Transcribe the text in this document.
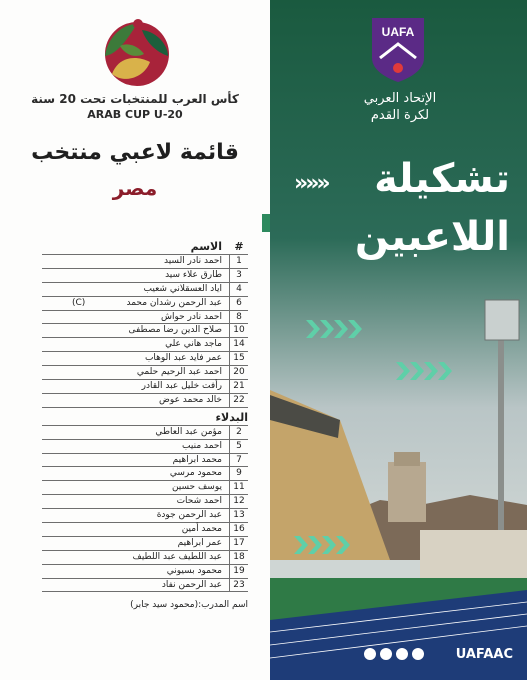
كأس العرب للمنتخبات تحت 20 سنة
ARAB CUP U-20
قائمة لاعبي منتخب
مصر
#
الاسم
1
احمد نادر السيد
3
طارق علاء سيد
4
اياد العسقلاني شعيب
6
عبد الرحمن رشدان محمد
(C)
8
احمد نادر حواش
10
صلاح الدين رضا مصطفى
14
ماجد هاني علي
15
عمر فايد عبد الوهاب
20
احمد عبد الرحيم حلمي
21
رأفت خليل عبد القادر
22
خالد محمد عوض
البدلاء
2
مؤمن عبد العاطي
5
احمد منيب
7
محمد ابراهيم
9
محمود مرسي
11
يوسف حسين
12
احمد شحات
13
عبد الرحمن جودة
16
محمد أمين
17
عمر ابراهيم
18
عبد اللطيف عبد اللطيف
19
محمود بسيوني
23
عبد الرحمن نفاد
اسم المدرب:(محمود سيد جابر)
UAFA
الإتحاد العربي
لكرة القدم
تشكيلة
اللاعبين
»»»
UAFAAC
